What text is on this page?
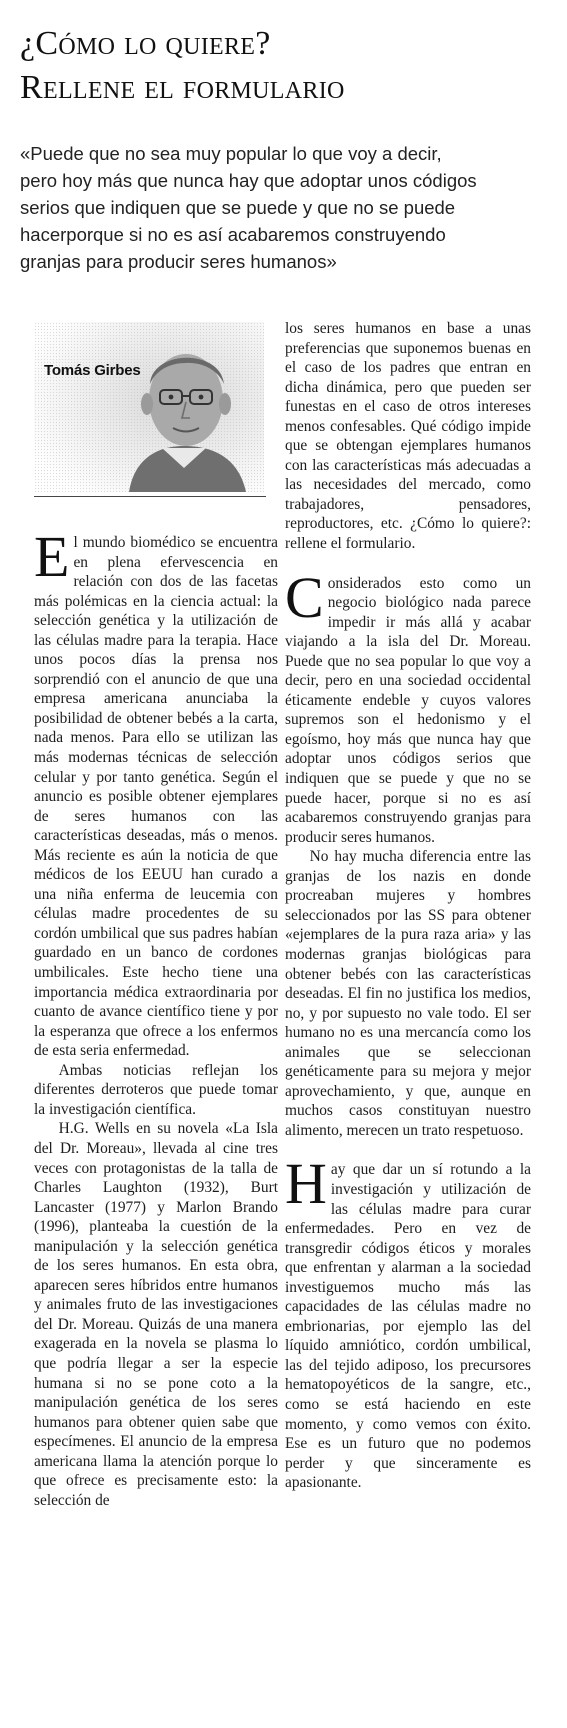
¿Cómo lo quiere?
Rellene el formulario
«Puede que no sea muy popular lo que voy a decir,
pero hoy más que nunca hay que adoptar unos códigos
serios que indiquen que se puede y que no se puede
hacerporque si no es así acabaremos construyendo
granjas para producir seres humanos»
Tomás Girbes

El mundo biomédico se encuentra en plena efervescencia en relación con dos de las facetas más polémicas en la ciencia actual: la selección genética y la utilización de las células madre para la terapia. Hace unos pocos días la prensa nos sorprendió con el anuncio de que una empresa americana anunciaba la posibilidad de obtener bebés a la carta, nada menos. Para ello se utilizan las más modernas técnicas de selección celular y por tanto genética. Según el anuncio es posible obtener ejemplares de seres humanos con las características deseadas, más o menos. Más reciente es aún la noticia de que médicos de los EEUU han curado a una niña enferma de leucemia con células madre procedentes de su cordón umbilical que sus padres habían guardado en un banco de cordones umbilicales. Este hecho tiene una importancia médica extraordinaria por cuanto de avance científico tiene y por la esperanza que ofrece a los enfermos de esta seria enfermedad.

Ambas noticias reflejan los diferentes derroteros que puede tomar la investigación científica.

H.G. Wells en su novela «La Isla del Dr. Moreau», llevada al cine tres veces con protagonistas de la talla de Charles Laughton (1932), Burt Lancaster (1977) y Marlon Brando (1996), planteaba la cuestión de la manipulación y la selección genética de los seres humanos. En esta obra, aparecen seres híbridos entre humanos y animales fruto de las investigaciones del Dr. Moreau. Quizás de una manera exagerada en la novela se plasma lo que podría llegar a ser la especie humana si no se pone coto a la manipulación genética de los seres humanos para obtener quien sabe que especímenes. El anuncio de la empresa americana llama la atención porque lo que ofrece es precisamente esto: la selección de

los seres humanos en base a unas preferencias que suponemos buenas en el caso de los padres que entran en dicha dinámica, pero que pueden ser funestas en el caso de otros intereses menos confesables. Qué código impide que se obtengan ejemplares humanos con las características más adecuadas a las necesidades del mercado, como trabajadores, pensadores, reproductores, etc. ¿Cómo lo quiere?: rellene el formulario.

Considerados esto como un negocio biológico nada parece impedir ir más allá y acabar viajando a la isla del Dr. Moreau. Puede que no sea popular lo que voy a decir, pero en una sociedad occidental éticamente endeble y cuyos valores supremos son el hedonismo y el egoísmo, hoy más que nunca hay que adoptar unos códigos serios que indiquen que se puede y que no se puede hacer, porque si no es así acabaremos construyendo granjas para producir seres humanos.

No hay mucha diferencia entre las granjas de los nazis en donde procreaban mujeres y hombres seleccionados por las SS para obtener «ejemplares de la pura raza aria» y las modernas granjas biológicas para obtener bebés con las características deseadas. El fin no justifica los medios, no, y por supuesto no vale todo. El ser humano no es una mercancía como los animales que se seleccionan genéticamente para su mejora y mejor aprovechamiento, y que, aunque en muchos casos constituyan nuestro alimento, merecen un trato respetuoso.

Hay que dar un sí rotundo a la investigación y utilización de las células madre para curar enfermedades. Pero en vez de transgredir códigos éticos y morales que enfrentan y alarman a la sociedad investiguemos mucho más las capacidades de las células madre no embrionarias, por ejemplo las del líquido amniótico, cordón umbilical, las del tejido adiposo, los precursores hematopoyéticos de la sangre, etc., como se está haciendo en este momento, y como vemos con éxito. Ese es un futuro que no podemos perder y que sinceramente es apasionante.
